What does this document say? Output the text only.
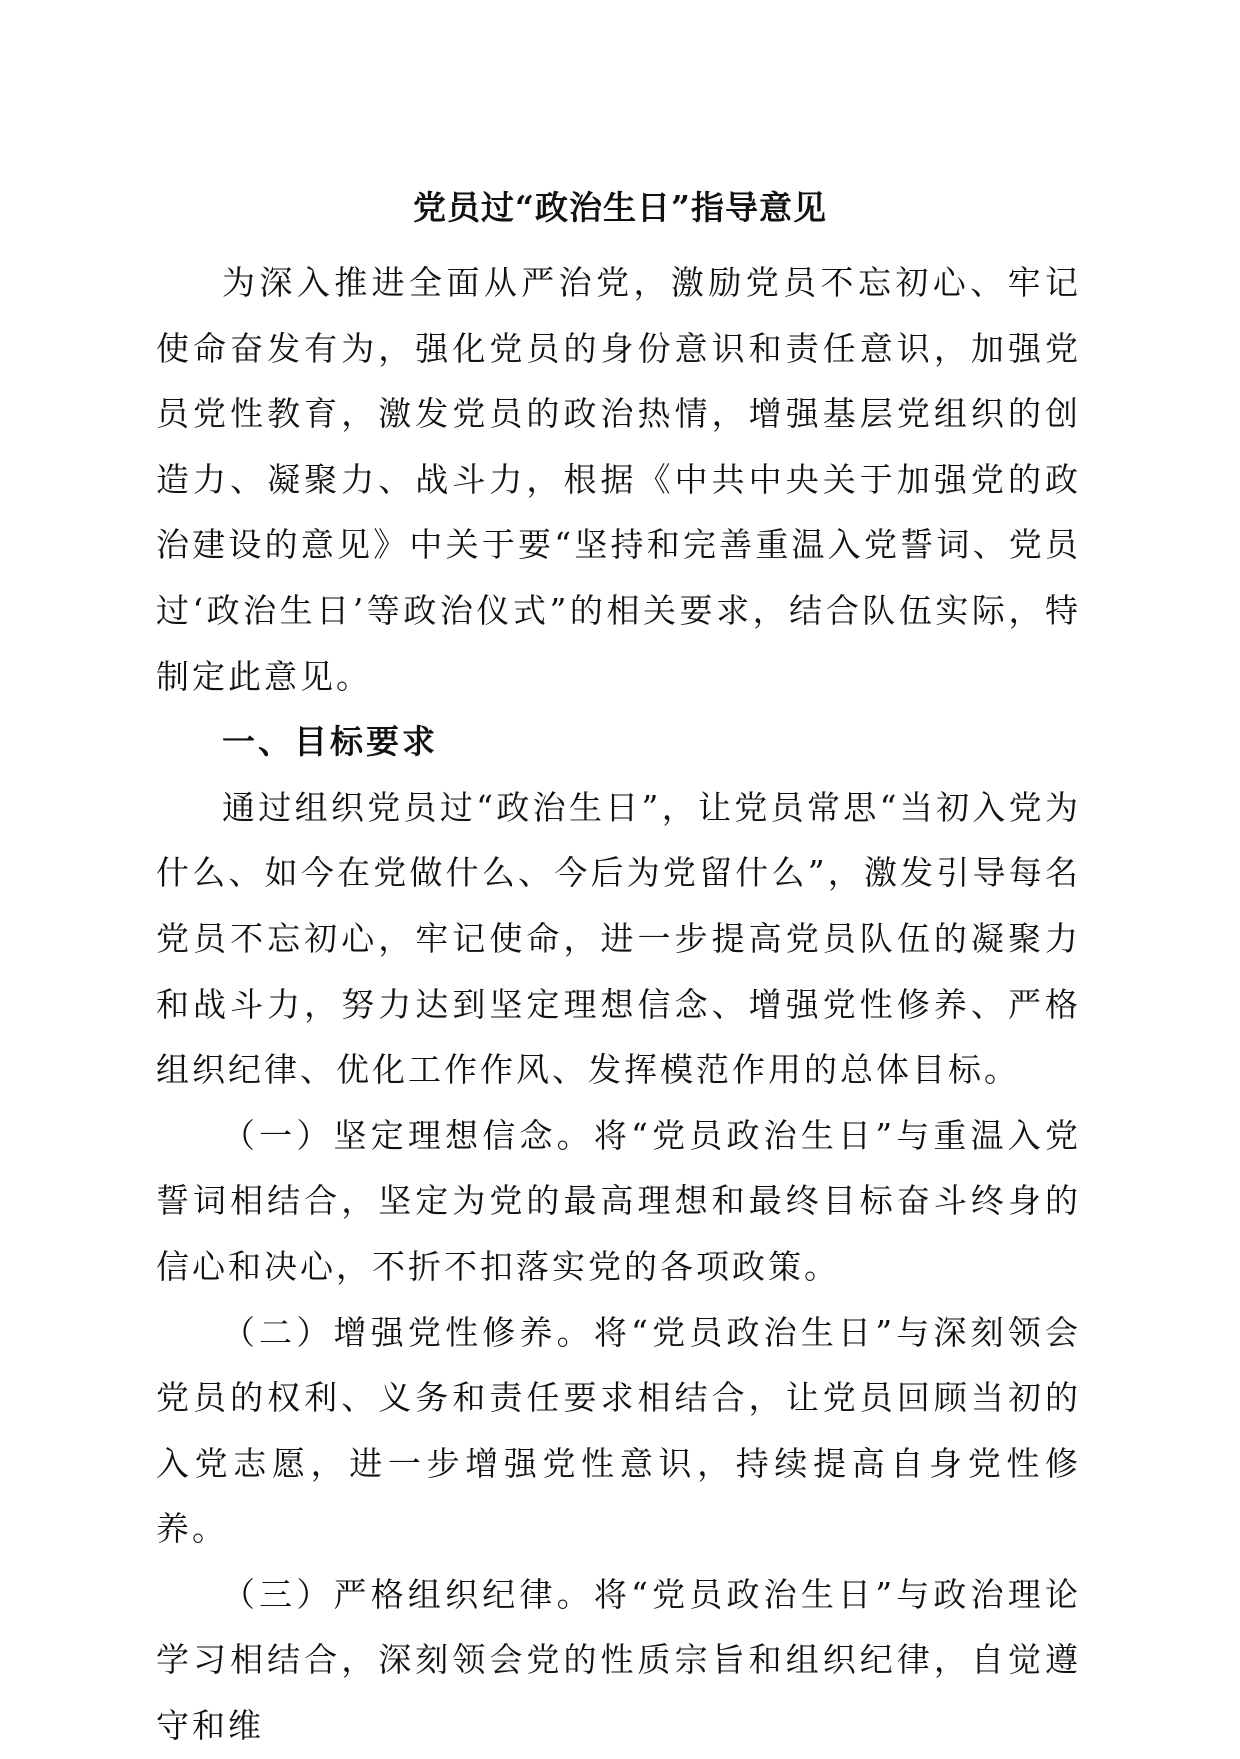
党员过“政治生日”指导意见

为深入推进全面从严治党，激励党员不忘初心、牢记使命奋发有为，强化党员的身份意识和责任意识，加强党员党性教育，激发党员的政治热情，增强基层党组织的创造力、凝聚力、战斗力，根据《中共中央关于加强党的政治建设的意见》中关于要“坚持和完善重温入党誓词、党员过‘政治生日’等政治仪式”的相关要求，结合队伍实际，特制定此意见。

一、目标要求

通过组织党员过“政治生日”，让党员常思“当初入党为什么、如今在党做什么、今后为党留什么”，激发引导每名党员不忘初心，牢记使命，进一步提高党员队伍的凝聚力和战斗力，努力达到坚定理想信念、增强党性修养、严格组织纪律、优化工作作风、发挥模范作用的总体目标。

（一）坚定理想信念。将“党员政治生日”与重温入党誓词相结合，坚定为党的最高理想和最终目标奋斗终身的信心和决心，不折不扣落实党的各项政策。

（二）增强党性修养。将“党员政治生日”与深刻领会党员的权利、义务和责任要求相结合，让党员回顾当初的入党志愿，进一步增强党性意识，持续提高自身党性修养。

（三）严格组织纪律。将“党员政治生日”与政治理论学习相结合，深刻领会党的性质宗旨和组织纪律，自觉遵守和维
